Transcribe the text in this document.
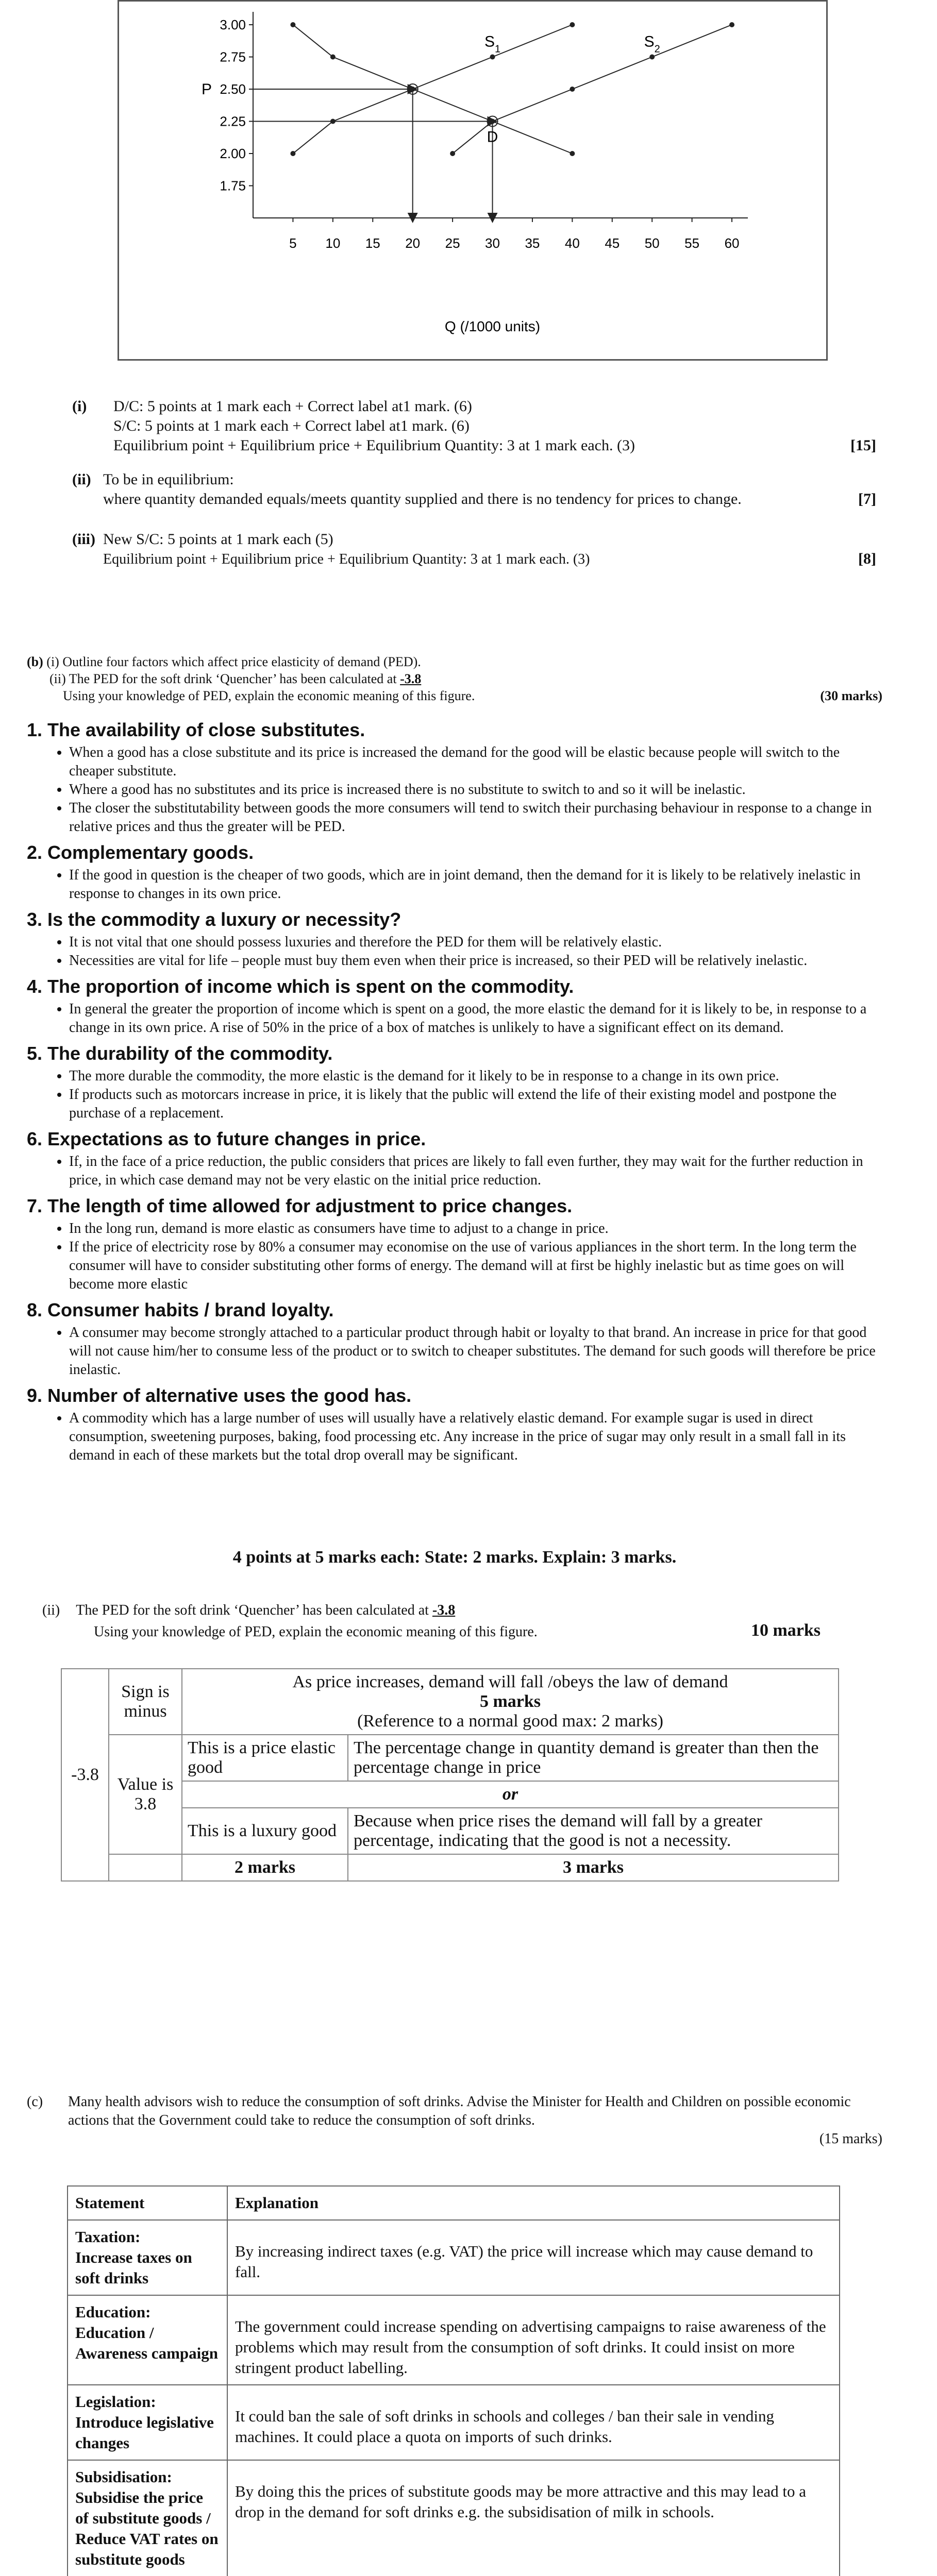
3.00
2.75
2.50
2.25
2.00
1.75
5 10 15 20 25 30 35 40 45 50 55 60
P
Q (/1000 units)
D
$S_1$	$S_2$
(i)	D/C: 5 points at 1 mark each + Correct label at1 mark. (6)
S/C: 5 points at 1 mark each + Correct label at1 mark. (6)
Equilibrium point + Equilibrium price + Equilibrium Quantity: 3 at 1 mark each. (3)	[15]
(ii) To be in equilibrium:
where quantity demanded equals/meets quantity supplied and there is no tendency for prices to change.	[7]
(iii) New S/C: 5 points at 1 mark each (5)
Equilibrium point + Equilibrium price + Equilibrium Quantity: 3 at 1 mark each. (3)	[8]
(b) (i) Outline four factors which affect price elasticity of demand (PED).
(ii) The PED for the soft drink ‘Quencher’ has been calculated at -3.8
Using your knowledge of PED, explain the economic meaning of this figure.	(30 marks)
1. The availability of close substitutes.
• When a good has a close substitute and its price is increased the demand for the good will be elastic because people will switch to the cheaper substitute.
• Where a good has no substitutes and its price is increased there is no substitute to switch to and so it will be inelastic.
• The closer the substitutability between goods the more consumers will tend to switch their purchasing behaviour in response to a change in relative prices and thus the greater will be PED.
2. Complementary goods.
• If the good in question is the cheaper of two goods, which are in joint demand, then the demand for it is likely to be relatively inelastic in response to changes in its own price.
3. Is the commodity a luxury or necessity?
• It is not vital that one should possess luxuries and therefore the PED for them will be relatively elastic.
• Necessities are vital for life – people must buy them even when their price is increased, so their PED will be relatively inelastic.
4. The proportion of income which is spent on the commodity.
• In general the greater the proportion of income which is spent on a good, the more elastic the demand for it is likely to be, in response to a change in its own price. A rise of 50% in the price of a box of matches is unlikely to have a significant effect on its demand.
5. The durability of the commodity.
• The more durable the commodity, the more elastic is the demand for it likely to be in response to a change in its own price.
• If products such as motorcars increase in price, it is likely that the public will extend the life of their existing model and postpone the purchase of a replacement.
6. Expectations as to future changes in price.
• If, in the face of a price reduction, the public considers that prices are likely to fall even further, they may wait for the further reduction in price, in which case demand may not be very elastic on the initial price reduction.
7. The length of time allowed for adjustment to price changes.
• In the long run, demand is more elastic as consumers have time to adjust to a change in price.
• If the price of electricity rose by 80% a consumer may economise on the use of various appliances in the short term. In the long term the consumer will have to consider substituting other forms of energy. The demand will at first be highly inelastic but as time goes on will become more elastic
8. Consumer habits / brand loyalty.
• A consumer may become strongly attached to a particular product through habit or loyalty to that brand. An increase in price for that good will not cause him/her to consume less of the product or to switch to cheaper substitutes. The demand for such goods will therefore be price inelastic.
9. Number of alternative uses the good has.
• A commodity which has a large number of uses will usually have a relatively elastic demand. For example sugar is used in direct consumption, sweetening purposes, baking, food processing etc. Any increase in the price of sugar may only result in a small fall in its demand in each of these markets but the total drop overall may be significant.
4 points at 5 marks each: State: 2 marks. Explain: 3 marks.
(ii) The PED for the soft drink ‘Quencher’ has been calculated at -3.8
Using your knowledge of PED, explain the economic meaning of this figure.	10 marks
-3.8	Sign is minus	As price increases, demand will fall /obeys the law of demand
5 marks
(Reference to a normal good max: 2 marks)	

	Value is 3.8	This is a price elastic good	The percentage change in quantity demand is greater than then the percentage change in price
		or	
		This is a luxury good	Because when price rises the demand will fall by a greater percentage, indicating that the good is not a necessity.
		2 marks	3 marks
(c)	Many health advisors wish to reduce the consumption of soft drinks. Advise the Minister for Health and Children on possible economic actions that the Government could take to reduce the consumption of soft drinks.
(15 marks)
Statement	Explanation

Taxation:
Increase taxes on soft drinks	By increasing indirect taxes (e.g. VAT) the price will increase which may cause demand to fall.

Education:
Education / Awareness campaign	The government could increase spending on advertising campaigns to raise awareness of the problems which may result from the consumption of soft drinks. It could insist on more stringent product labelling.

Legislation:
Introduce legislative changes	It could ban the sale of soft drinks in schools and colleges / ban their sale in vending machines. It could place a quota on imports of such drinks.

Subsidisation:
Subsidise the price of substitute goods / Reduce VAT rates on substitute goods	By doing this the prices of substitute goods may be more attractive and this may lead to a drop in the demand for soft drinks e.g. the subsidisation of milk in schools.
